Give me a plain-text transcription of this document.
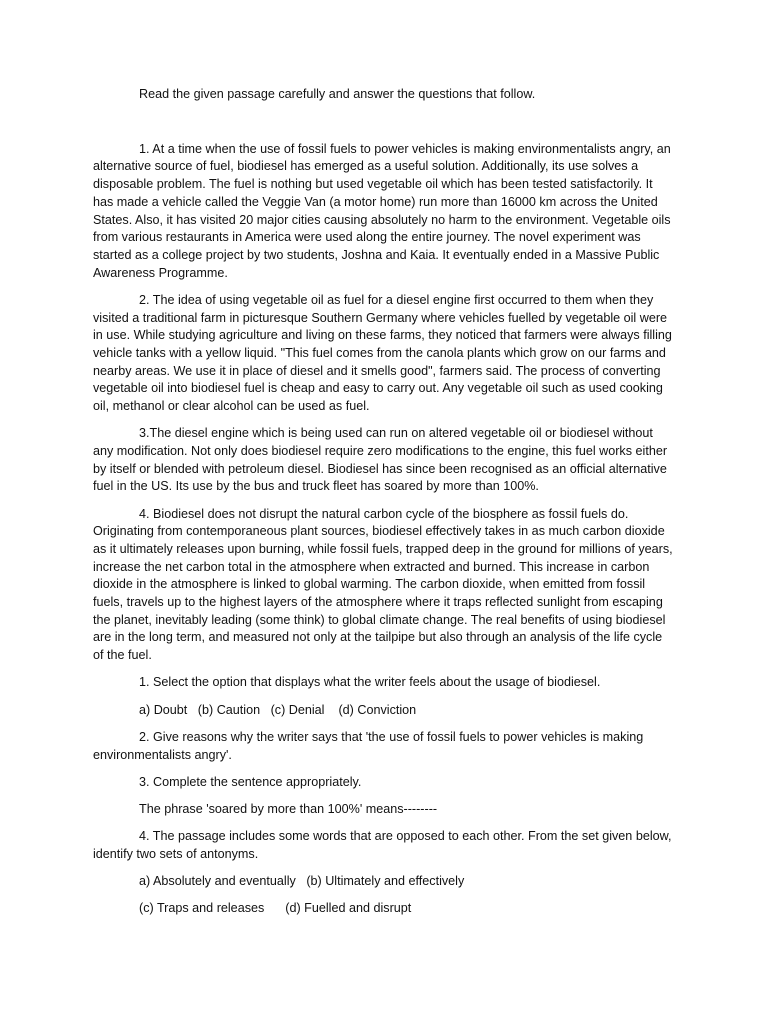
Read the given passage carefully and answer the questions that follow.

1. At a time when the use of fossil fuels to power vehicles is making environmentalists angry, an alternative source of fuel, biodiesel has emerged as a useful solution. Additionally, its use solves a disposable problem. The fuel is nothing but used vegetable oil which has been tested satisfactorily. It has made a vehicle called the Veggie Van (a motor home) run more than 16000 km across the United States. Also, it has visited 20 major cities causing absolutely no harm to the environment. Vegetable oils from various restaurants in America were used along the entire journey. The novel experiment was started as a college project by two students, Joshna and Kaia. It eventually ended in a Massive Public Awareness Programme.

2. The idea of using vegetable oil as fuel for a diesel engine first occurred to them when they visited a traditional farm in picturesque Southern Germany where vehicles fuelled by vegetable oil were in use. While studying agriculture and living on these farms, they noticed that farmers were always filling vehicle tanks with a yellow liquid. "This fuel comes from the canola plants which grow on our farms and nearby areas. We use it in place of diesel and it smells good", farmers said. The process of converting vegetable oil into biodiesel fuel is cheap and easy to carry out. Any vegetable oil such as used cooking oil, methanol or clear alcohol can be used as fuel.

3.The diesel engine which is being used can run on altered vegetable oil or biodiesel without any modification. Not only does biodiesel require zero modifications to the engine, this fuel works either by itself or blended with petroleum diesel. Biodiesel has since been recognised as an official alternative fuel in the US. Its use by the bus and truck fleet has soared by more than 100%.

4. Biodiesel does not disrupt the natural carbon cycle of the biosphere as fossil fuels do. Originating from contemporaneous plant sources, biodiesel effectively takes in as much carbon dioxide as it ultimately releases upon burning, while fossil fuels, trapped deep in the ground for millions of years, increase the net carbon total in the atmosphere when extracted and burned. This increase in carbon dioxide in the atmosphere is linked to global warming. The carbon dioxide, when emitted from fossil fuels, travels up to the highest layers of the atmosphere where it traps reflected sunlight from escaping the planet, inevitably leading (some think) to global climate change. The real benefits of using biodiesel are in the long term, and measured not only at the tailpipe but also through an analysis of the life cycle of the fuel.

1. Select the option that displays what the writer feels about the usage of biodiesel.

a) Doubt   (b) Caution   (c) Denial    (d) Conviction

2. Give reasons why the writer says that 'the use of fossil fuels to power vehicles is making environmentalists angry'.

3. Complete the sentence appropriately.

The phrase 'soared by more than 100%' means--------

4. The passage includes some words that are opposed to each other. From the set given below, identify two sets of antonyms.

a) Absolutely and eventually   (b) Ultimately and effectively

(c) Traps and releases      (d) Fuelled and disrupt
